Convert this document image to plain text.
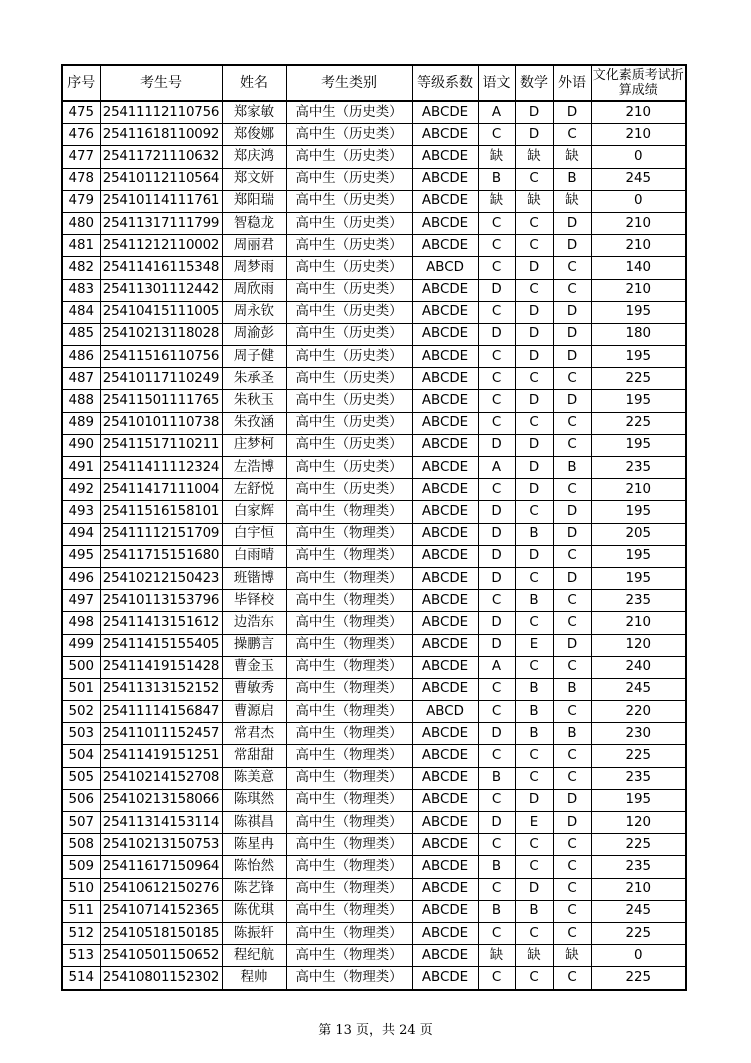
序号	考生号	姓名	考生类别	等级系数	语文	数学	外语	文化素质考试折算成绩
475	25411112110756	郑家敏	高中生（历史类）	ABCDE	A	D	D	210
476	25411618110092	郑俊娜	高中生（历史类）	ABCDE	C	D	C	210
477	25411721110632	郑庆鸿	高中生（历史类）	ABCDE	缺	缺	缺	0
478	25410112110564	郑文妍	高中生（历史类）	ABCDE	B	C	B	245
479	25410114111761	郑阳瑞	高中生（历史类）	ABCDE	缺	缺	缺	0
480	25411317111799	智稳龙	高中生（历史类）	ABCDE	C	C	D	210
481	25411212110002	周丽君	高中生（历史类）	ABCDE	C	C	D	210
482	25411416115348	周梦雨	高中生（历史类）	ABCD	C	D	C	140
483	25411301112442	周欣雨	高中生（历史类）	ABCDE	D	C	C	210
484	25410415111005	周永钦	高中生（历史类）	ABCDE	C	D	D	195
485	25410213118028	周渝彭	高中生（历史类）	ABCDE	D	D	D	180
486	25411516110756	周子健	高中生（历史类）	ABCDE	C	D	D	195
487	25410117110249	朱承圣	高中生（历史类）	ABCDE	C	C	C	225
488	25411501111765	朱秋玉	高中生（历史类）	ABCDE	C	D	D	195
489	25410101110738	朱孜涵	高中生（历史类）	ABCDE	C	C	C	225
490	25411517110211	庄梦柯	高中生（历史类）	ABCDE	D	D	C	195
491	25411411112324	左浩博	高中生（历史类）	ABCDE	A	D	B	235
492	25411417111004	左舒悦	高中生（历史类）	ABCDE	C	D	C	210
493	25411516158101	白家辉	高中生（物理类）	ABCDE	D	C	D	195
494	25411112151709	白宇恒	高中生（物理类）	ABCDE	D	B	D	205
495	25411715151680	白雨晴	高中生（物理类）	ABCDE	D	D	C	195
496	25410212150423	班锴博	高中生（物理类）	ABCDE	D	C	D	195
497	25410113153796	毕铎校	高中生（物理类）	ABCDE	C	B	C	235
498	25411413151612	边浩东	高中生（物理类）	ABCDE	D	C	C	210
499	25411415155405	操鹏言	高中生（物理类）	ABCDE	D	E	D	120
500	25411419151428	曹金玉	高中生（物理类）	ABCDE	A	C	C	240
501	25411313152152	曹敏秀	高中生（物理类）	ABCDE	C	B	B	245
502	25411114156847	曹源启	高中生（物理类）	ABCD	C	B	C	220
503	25411011152457	常君杰	高中生（物理类）	ABCDE	D	B	B	230
504	25411419151251	常甜甜	高中生（物理类）	ABCDE	C	C	C	225
505	25410214152708	陈美意	高中生（物理类）	ABCDE	B	C	C	235
506	25410213158066	陈琪然	高中生（物理类）	ABCDE	C	D	D	195
507	25411314153114	陈祺昌	高中生（物理类）	ABCDE	D	E	D	120
508	25410213150753	陈星冉	高中生（物理类）	ABCDE	C	C	C	225
509	25411617150964	陈怡然	高中生（物理类）	ABCDE	B	C	C	235
510	25410612150276	陈艺锋	高中生（物理类）	ABCDE	C	D	C	210
511	25410714152365	陈优琪	高中生（物理类）	ABCDE	B	B	C	245
512	25410518150185	陈振轩	高中生（物理类）	ABCDE	C	C	C	225
513	25410501150652	程纪航	高中生（物理类）	ABCDE	缺	缺	缺	0
514	25410801152302	程帅	高中生（物理类）	ABCDE	C	C	C	225
第 13 页，共 24 页
